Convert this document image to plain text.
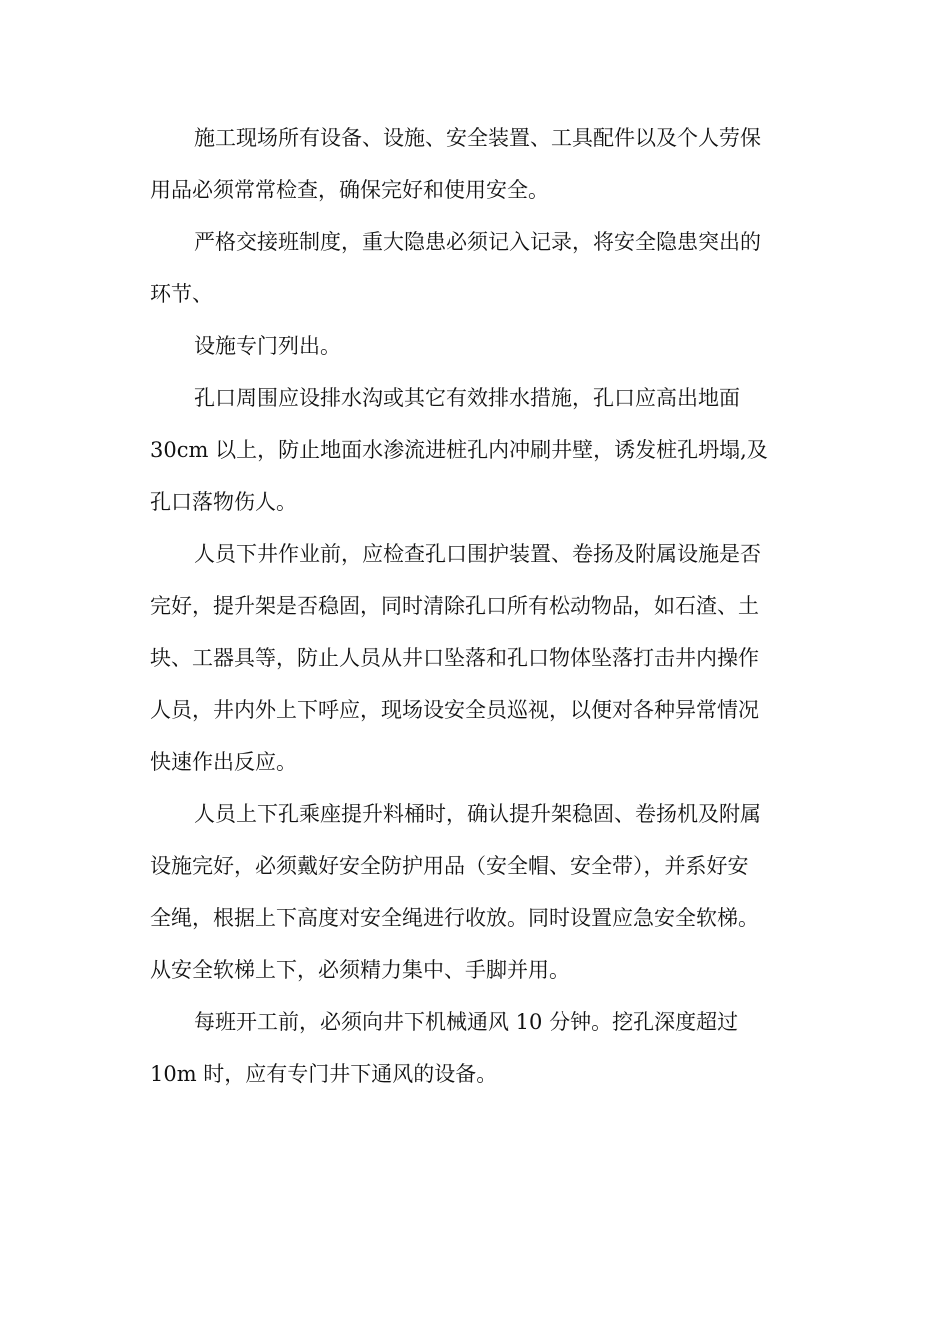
施工现场所有设备、设施、安全装置、工具配件以及个人劳保
用品必须常常检查，确保完好和使用安全。
严格交接班制度，重大隐患必须记入记录，将安全隐患突出的
环节、
设施专门列出。
孔口周围应设排水沟或其它有效排水措施，孔口应高出地面
30cm 以上，防止地面水渗流进桩孔内冲刷井壁，诱发桩孔坍塌,及
孔口落物伤人。
人员下井作业前，应检查孔口围护装置、卷扬及附属设施是否
完好，提升架是否稳固，同时清除孔口所有松动物品，如石渣、土
块、工器具等，防止人员从井口坠落和孔口物体坠落打击井内操作
人员，井内外上下呼应，现场设安全员巡视，以便对各种异常情况
快速作出反应。
人员上下孔乘座提升料桶时，确认提升架稳固、卷扬机及附属
设施完好，必须戴好安全防护用品（安全帽、安全带），并系好安
全绳，根据上下高度对安全绳进行收放。同时设置应急安全软梯。
从安全软梯上下，必须精力集中、手脚并用。
每班开工前，必须向井下机械通风 10 分钟。挖孔深度超过
10m 时，应有专门井下通风的设备。
